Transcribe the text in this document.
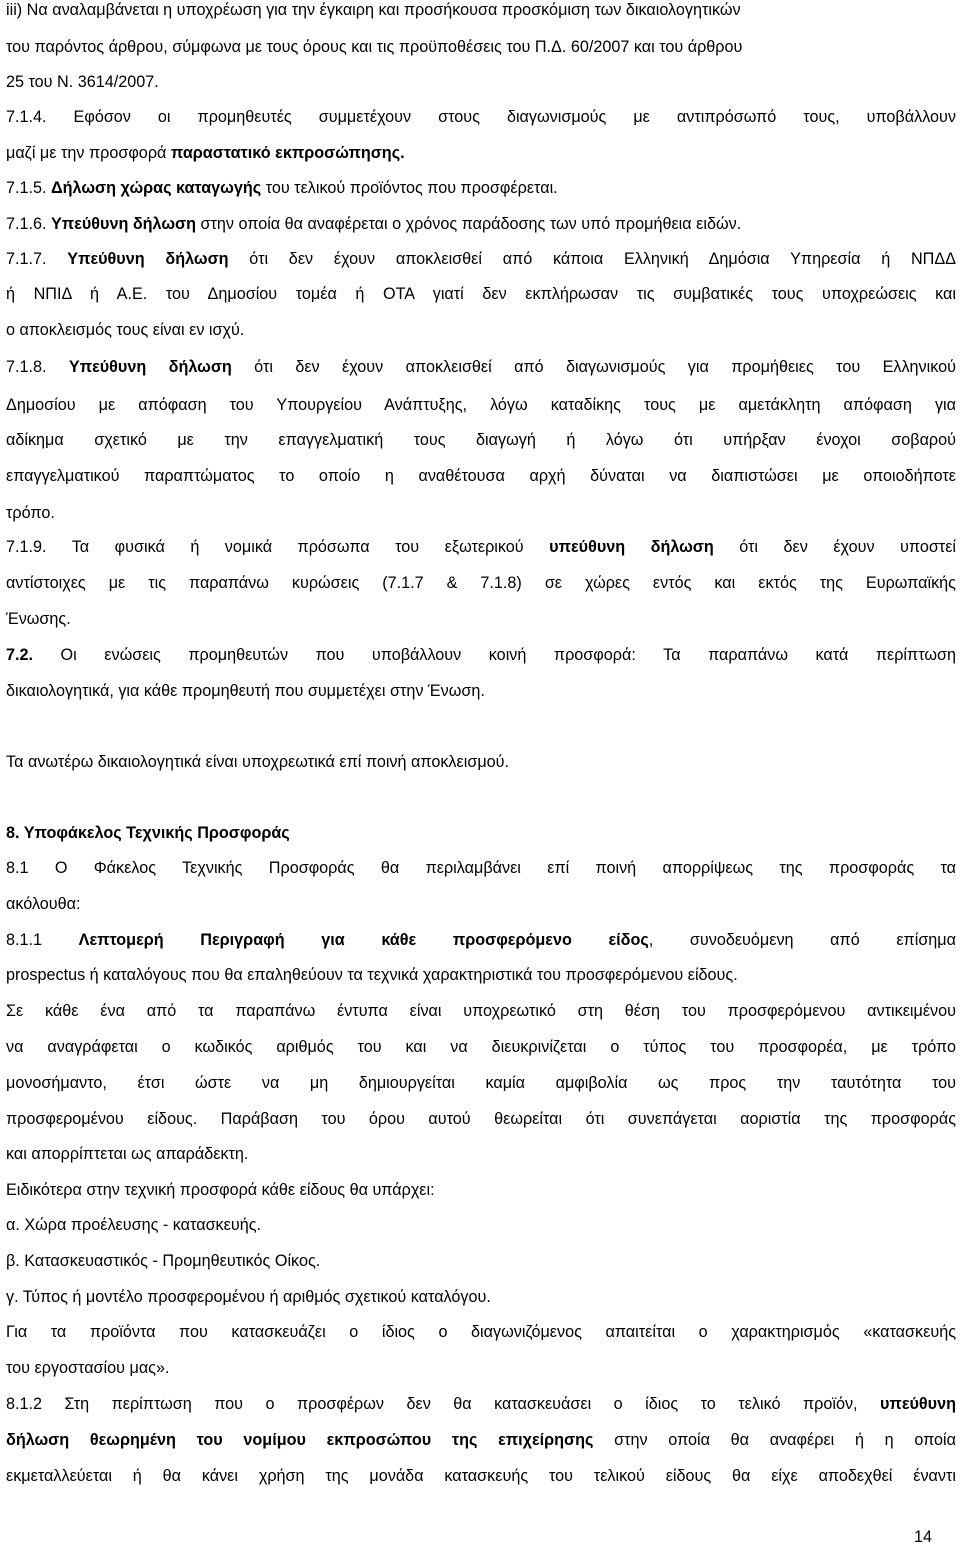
iii) Να αναλαμβάνεται η υποχρέωση για την έγκαιρη και προσήκουσα προσκόμιση των δικαιολογητικών
του παρόντος άρθρου, σύμφωνα με τους όρους και τις προϋποθέσεις του Π.Δ. 60/2007 και του άρθρου
25 του Ν. 3614/2007.
7.1.4. Εφόσον οι προμηθευτές συμμετέχουν στους διαγωνισμούς με αντιπρόσωπό τους, υποβάλλουν
μαζί με την προσφορά παραστατικό εκπροσώπησης.
7.1.5. Δήλωση χώρας καταγωγής του τελικού προϊόντος που προσφέρεται.
7.1.6. Υπεύθυνη δήλωση στην οποία θα αναφέρεται ο χρόνος παράδοσης των υπό προμήθεια ειδών.
7.1.7. Υπεύθυνη δήλωση ότι δεν έχουν αποκλεισθεί από κάποια Ελληνική Δημόσια Υπηρεσία ή ΝΠΔΔ
ή ΝΠΙΔ ή Α.Ε. του Δημοσίου τομέα ή ΟΤΑ γιατί δεν εκπλήρωσαν τις συμβατικές τους υποχρεώσεις και
ο αποκλεισμός τους είναι εν ισχύ.
7.1.8. Υπεύθυνη δήλωση ότι δεν έχουν αποκλεισθεί από διαγωνισμούς για προμήθειες του Ελληνικού
Δημοσίου με απόφαση του Υπουργείου Ανάπτυξης, λόγω καταδίκης τους με αμετάκλητη απόφαση για
αδίκημα σχετικό με την επαγγελματική τους διαγωγή ή λόγω ότι υπήρξαν ένοχοι σοβαρού
επαγγελματικού παραπτώματος το οποίο η αναθέτουσα αρχή δύναται να διαπιστώσει με οποιοδήποτε
τρόπο.
7.1.9. Τα φυσικά ή νομικά πρόσωπα του εξωτερικού υπεύθυνη δήλωση ότι δεν έχουν υποστεί
αντίστοιχες με τις παραπάνω κυρώσεις (7.1.7 & 7.1.8) σε χώρες εντός και εκτός της Ευρωπαϊκής
Ένωσης.
7.2. Οι ενώσεις προμηθευτών που υποβάλλουν κοινή προσφορά: Τα παραπάνω κατά περίπτωση
δικαιολογητικά, για κάθε προμηθευτή που συμμετέχει στην Ένωση.
Τα ανωτέρω δικαιολογητικά είναι υποχρεωτικά επί ποινή αποκλεισμού.
8. Υποφάκελος Τεχνικής Προσφοράς
8.1 Ο Φάκελος Τεχνικής Προσφοράς θα περιλαμβάνει επί ποινή απορρίψεως της προσφοράς τα
ακόλουθα:
8.1.1 Λεπτομερή Περιγραφή για κάθε προσφερόμενο είδος, συνοδευόμενη από επίσημα
prospectus ή καταλόγους που θα επαληθεύουν τα τεχνικά χαρακτηριστικά του προσφερόμενου είδους.
Σε κάθε ένα από τα παραπάνω έντυπα είναι υποχρεωτικό στη θέση του προσφερόμενου αντικειμένου
να αναγράφεται ο κωδικός αριθμός του και να διευκρινίζεται ο τύπος του προσφορέα, με τρόπο
μονοσήμαντο, έτσι ώστε να μη δημιουργείται καμία αμφιβολία ως προς την ταυτότητα του
προσφερομένου είδους. Παράβαση του όρου αυτού θεωρείται ότι συνεπάγεται αοριστία της προσφοράς
και απορρίπτεται ως απαράδεκτη.
Ειδικότερα στην τεχνική προσφορά κάθε είδους θα υπάρχει:
α. Χώρα προέλευσης - κατασκευής.
β. Κατασκευαστικός - Προμηθευτικός Οίκος.
γ. Τύπος ή μοντέλο προσφερομένου ή αριθμός σχετικού καταλόγου.
Για τα προϊόντα που κατασκευάζει ο ίδιος ο διαγωνιζόμενος απαιτείται ο χαρακτηρισμός «κατασκευής
του εργοστασίου μας».
8.1.2 Στη περίπτωση που ο προσφέρων δεν θα κατασκευάσει ο ίδιος το τελικό προϊόν, υπεύθυνη
δήλωση θεωρημένη του νομίμου εκπροσώπου της επιχείρησης στην οποία θα αναφέρει ή η οποία
εκμεταλλεύεται ή θα κάνει χρήση της μονάδα κατασκευής του τελικού είδους θα είχε αποδεχθεί έναντι
14
